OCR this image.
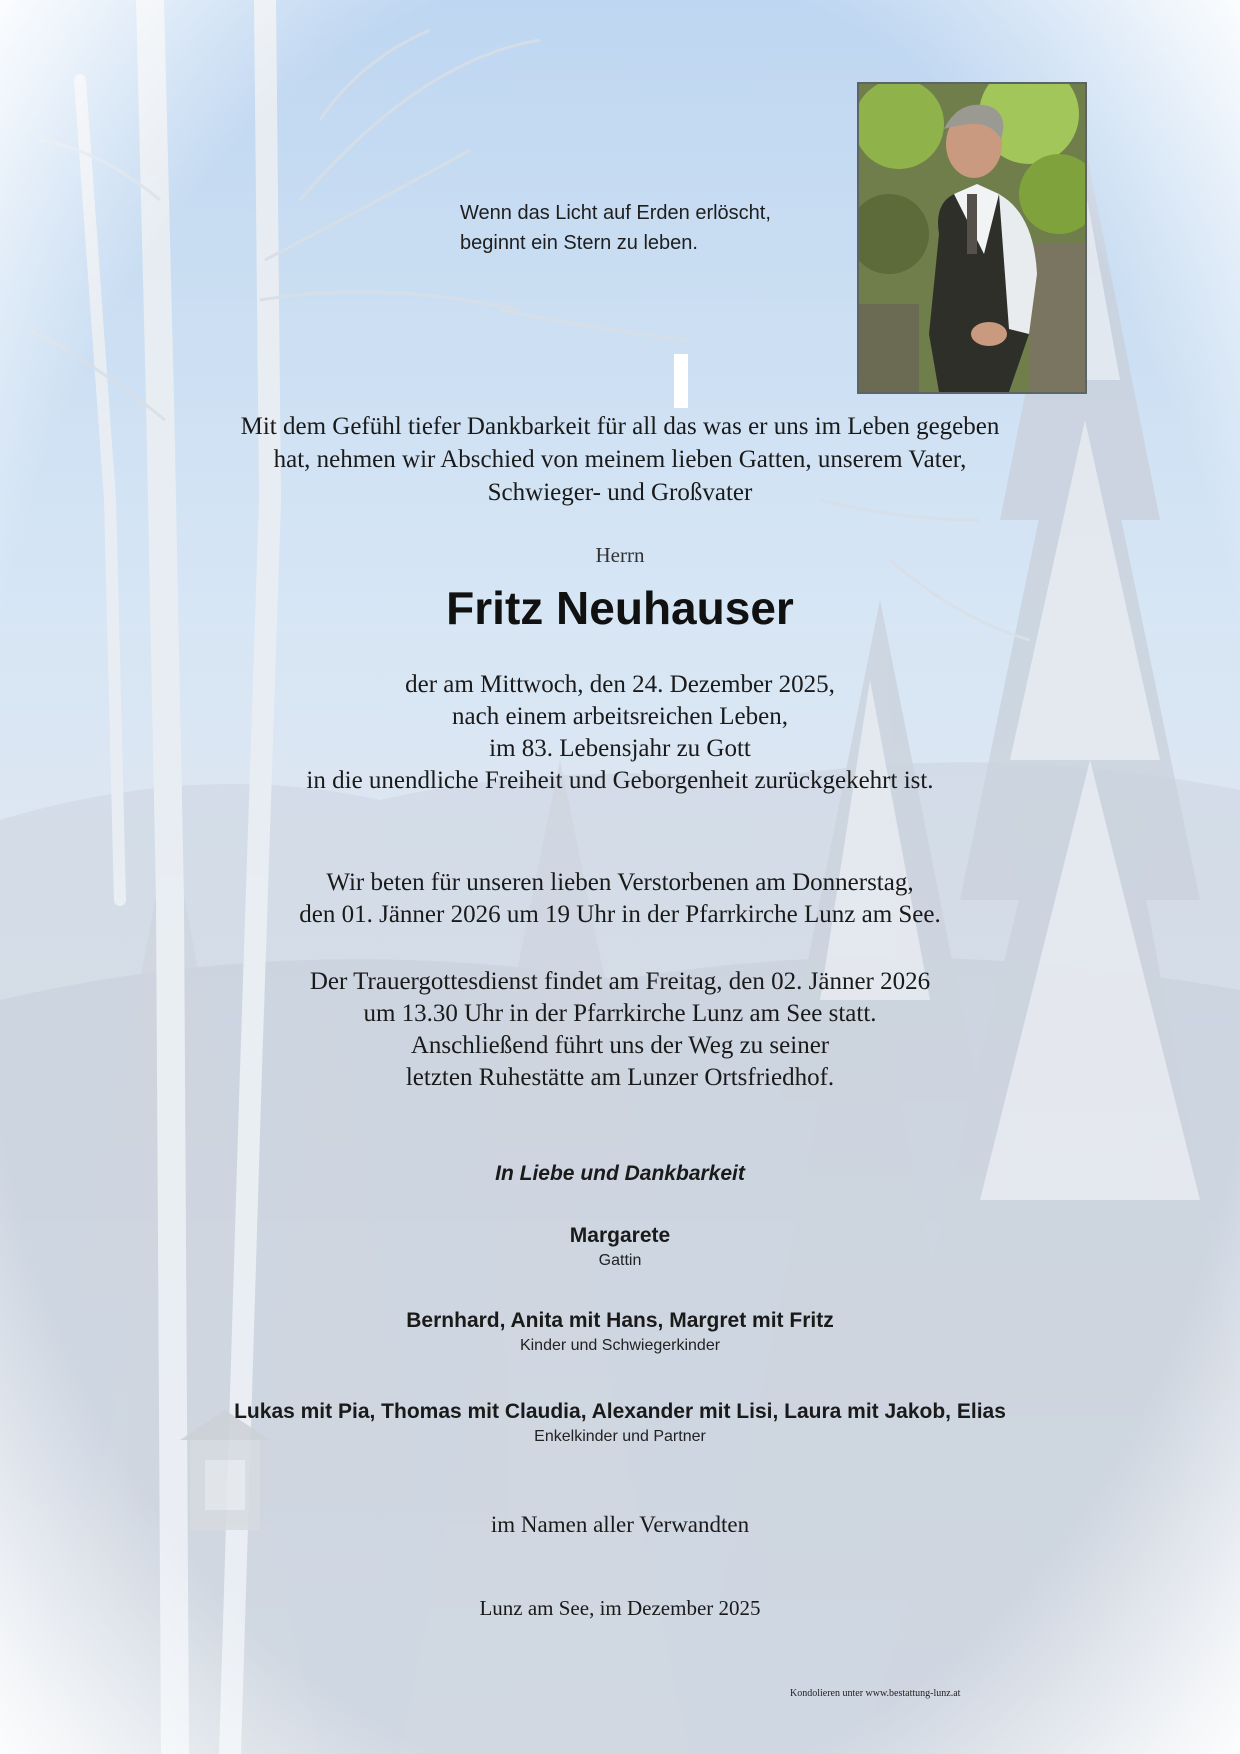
Wenn das Licht auf Erden erlöscht,
beginnt ein Stern zu leben.
Mit dem Gefühl tiefer Dankbarkeit für all das was er uns im Leben gegeben
hat, nehmen wir Abschied von meinem lieben Gatten, unserem Vater,
Schwieger- und Großvater
Herrn
Fritz Neuhauser
der am Mittwoch, den 24. Dezember 2025,
nach einem arbeitsreichen Leben,
im 83. Lebensjahr zu Gott
in die unendliche Freiheit und Geborgenheit zurückgekehrt ist.
Wir beten für unseren lieben Verstorbenen am Donnerstag,
den 01. Jänner 2026 um 19 Uhr in der Pfarrkirche Lunz am See.
Der Trauergottesdienst findet am Freitag, den 02. Jänner 2026
um 13.30 Uhr in der Pfarrkirche Lunz am See statt.
Anschließend führt uns der Weg zu seiner
letzten Ruhestätte am Lunzer Ortsfriedhof.
In Liebe und Dankbarkeit
Margarete
Gattin
Bernhard, Anita mit Hans, Margret mit Fritz
Kinder und Schwiegerkinder
Lukas mit Pia, Thomas mit Claudia, Alexander mit Lisi, Laura mit Jakob, Elias
Enkelkinder und Partner
im Namen aller Verwandten
Lunz am See, im Dezember 2025
Kondolieren unter www.bestattung-lunz.at
